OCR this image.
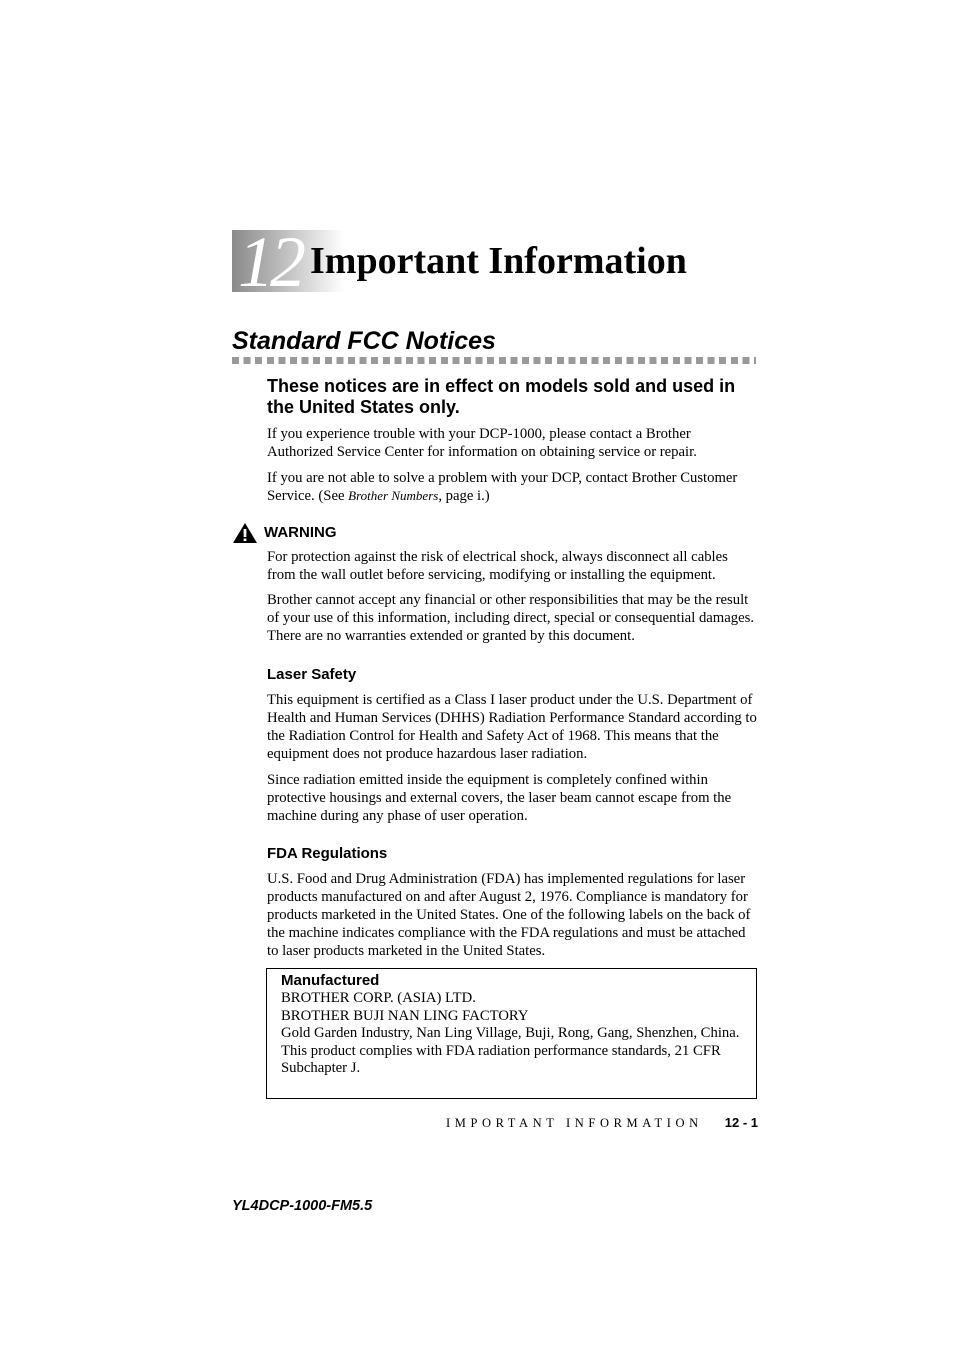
12 Important Information
Standard FCC Notices
These notices are in effect on models sold and used in the United States only.

If you experience trouble with your DCP-1000, please contact a Brother Authorized Service Center for information on obtaining service or repair.

If you are not able to solve a problem with your DCP, contact Brother Customer Service. (See Brother Numbers, page i.)

WARNING

For protection against the risk of electrical shock, always disconnect all cables from the wall outlet before servicing, modifying or installing the equipment.

Brother cannot accept any financial or other responsibilities that may be the result of your use of this information, including direct, special or consequential damages. There are no warranties extended or granted by this document.

Laser Safety

This equipment is certified as a Class I laser product under the U.S. Department of Health and Human Services (DHHS) Radiation Performance Standard according to the Radiation Control for Health and Safety Act of 1968. This means that the equipment does not produce hazardous laser radiation.

Since radiation emitted inside the equipment is completely confined within protective housings and external covers, the laser beam cannot escape from the machine during any phase of user operation.

FDA Regulations

U.S. Food and Drug Administration (FDA) has implemented regulations for laser products manufactured on and after August 2, 1976. Compliance is mandatory for products marketed in the United States. One of the following labels on the back of the machine indicates compliance with the FDA regulations and must be attached to laser products marketed in the United States.

Manufactured
BROTHER CORP. (ASIA) LTD.
BROTHER BUJI NAN LING FACTORY
Gold Garden Industry, Nan Ling Village, Buji, Rong, Gang, Shenzhen, China.
This product complies with FDA radiation performance standards, 21 CFR Subchapter J.
IMPORTANT INFORMATION 12 - 1
YL4DCP-1000-FM5.5
